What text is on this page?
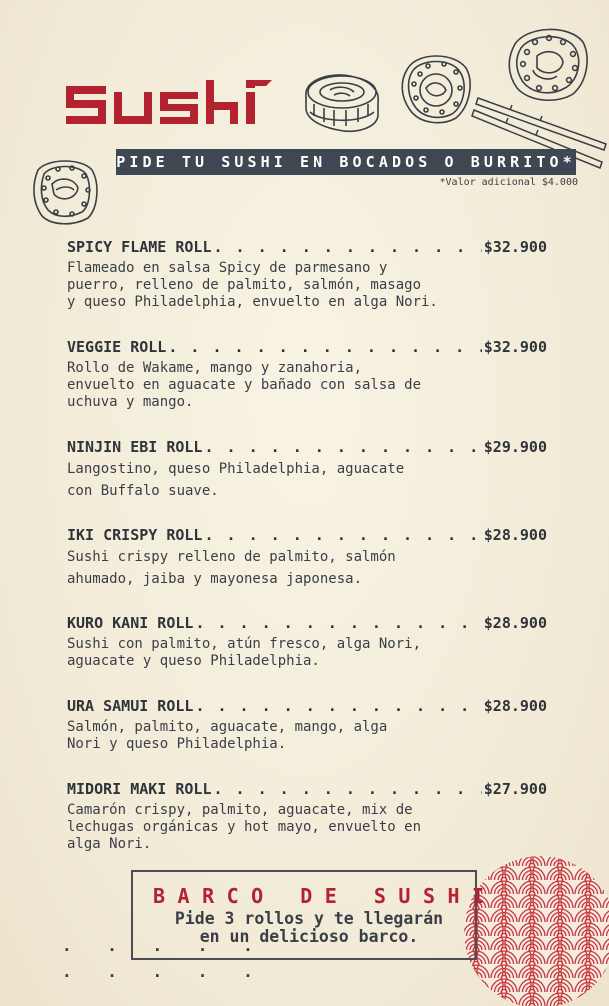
PIDE TU SUSHI EN BOCADOS O BURRITO*
*Valor adicional $4.000
SPICY FLAME ROLL . . .	$32.900
Flameado en salsa Spicy de parmesano y
puerro, relleno de palmito, salmón, masago
y queso Philadelphia, envuelto en alga Nori.
VEGGIE ROLL . . .	$32.900
Rollo de Wakame, mango y zanahoria,
envuelto en aguacate y bañado con salsa de
uchuva y mango.
NINJIN EBI ROLL . . .	$29.900
Langostino, queso Philadelphia, aguacate
con Buffalo suave.
IKI CRISPY ROLL . . .	$28.900
Sushi crispy relleno de palmito, salmón
ahumado, jaiba y mayonesa japonesa.
KURO KANI ROLL . . .	$28.900
Sushi con palmito, atún fresco, alga Nori,
aguacate y queso Philadelphia.
URA SAMUI ROLL . . .	$28.900
Salmón, palmito, aguacate, mango, alga
Nori y queso Philadelphia.
MIDORI MAKI ROLL . . .	$27.900
Camarón crispy, palmito, aguacate, mix de
lechugas orgánicas y hot mayo, envuelto en
alga Nori.
BARCO DE SUSHI
Pide 3 rollos y te llegarán
en un delicioso barco.
. . . . .
. . . . .
